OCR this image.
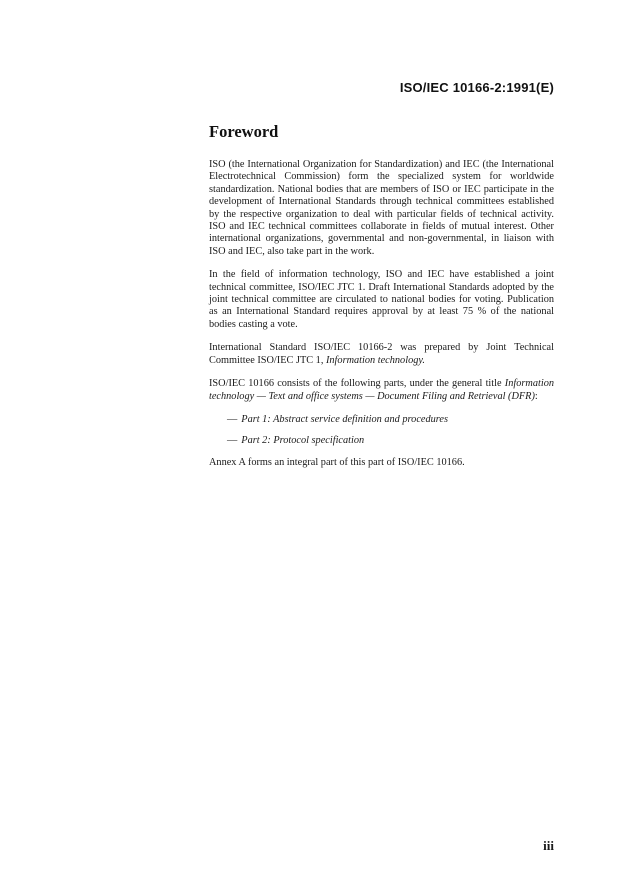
ISO/IEC 10166-2:1991(E)
Foreword

ISO (the International Organization for Standardization) and IEC (the International Electrotechnical Commission) form the specialized system for worldwide standardization. National bodies that are members of ISO or IEC participate in the development of International Standards through technical committees established by the respective organization to deal with particular fields of technical activity. ISO and IEC technical committees collaborate in fields of mutual interest. Other international organizations, governmental and non-governmental, in liaison with ISO and IEC, also take part in the work.

In the field of information technology, ISO and IEC have established a joint technical committee, ISO/IEC JTC 1. Draft International Standards adopted by the joint technical committee are circulated to national bodies for voting. Publication as an International Standard requires approval by at least 75 % of the national bodies casting a vote.

International Standard ISO/IEC 10166-2 was prepared by Joint Technical Committee ISO/IEC JTC 1, Information technology.

ISO/IEC 10166 consists of the following parts, under the general title Information technology — Text and office systems — Document Filing and Retrieval (DFR):

— Part 1: Abstract service definition and procedures
— Part 2: Protocol specification

Annex A forms an integral part of this part of ISO/IEC 10166.

iii
